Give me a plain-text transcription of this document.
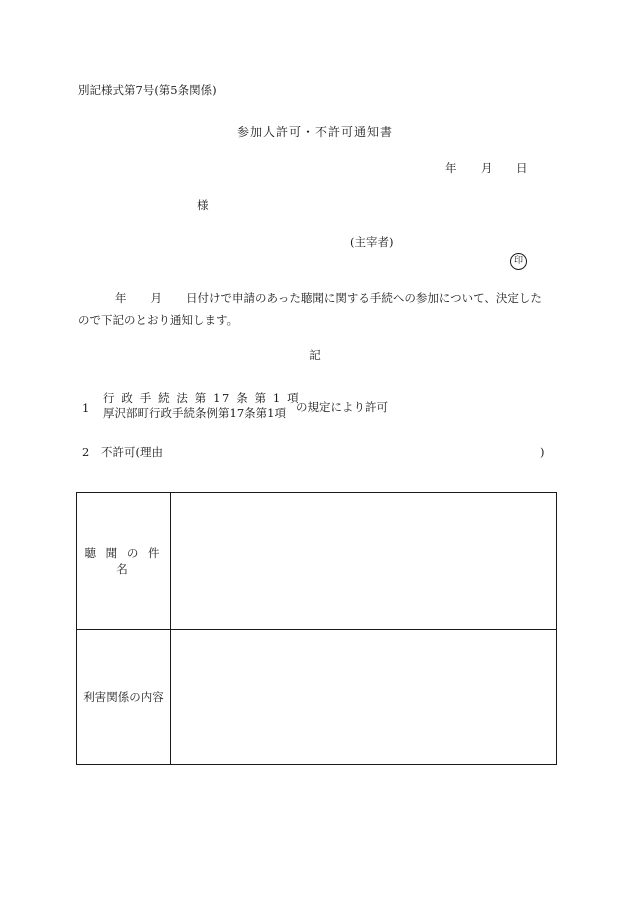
別記様式第7号(第5条関係)
参加人許可・不許可通知書
年 月 日
様
(主宰者)
印
年 月 日付けで申請のあった聴聞に関する手続への参加について、決定した
ので下記のとおり通知します。
記
1
行 政 手 続 法 第 17 条 第 1 項
厚沢部町行政手続条例第17条第1項 の規定により許可
2 不許可(理由	)
聴 聞 の 件 名	
利害関係の内容	
